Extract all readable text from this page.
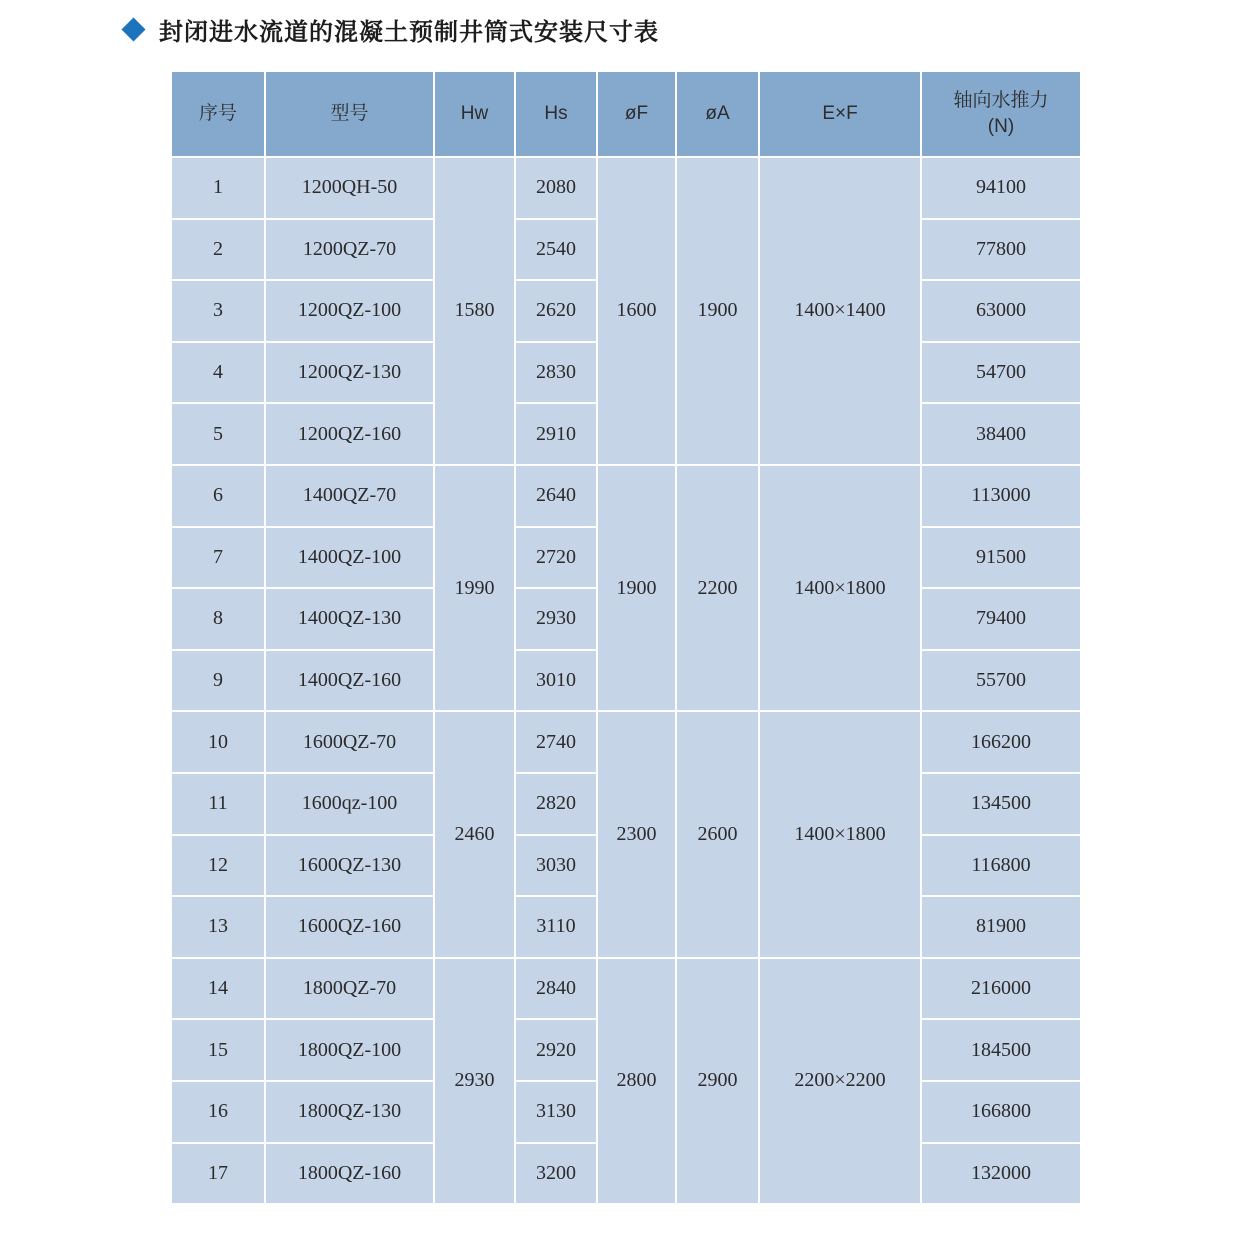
封闭进水流道的混凝土预制井筒式安装尺寸表
序号	型号	Hw	Hs	øF	øA	E×F	轴向水推力
(N)

1	1200QH-50	1580	2080	1600	1900	1400×1400	94100
2	1200QZ-70		2540				77800
3	1200QZ-100		2620				63000
4	1200QZ-130		2830				54700
5	1200QZ-160		2910				38400
6	1400QZ-70	1990	2640	1900	2200	1400×1800	113000
7	1400QZ-100		2720				91500
8	1400QZ-130		2930				79400
9	1400QZ-160		3010				55700
10	1600QZ-70	2460	2740	2300	2600	1400×1800	166200
11	1600qz-100		2820				134500
12	1600QZ-130		3030				116800
13	1600QZ-160		3110				81900
14	1800QZ-70	2930	2840	2800	2900	2200×2200	216000
15	1800QZ-100		2920				184500
16	1800QZ-130		3130				166800
17	1800QZ-160		3200				132000
